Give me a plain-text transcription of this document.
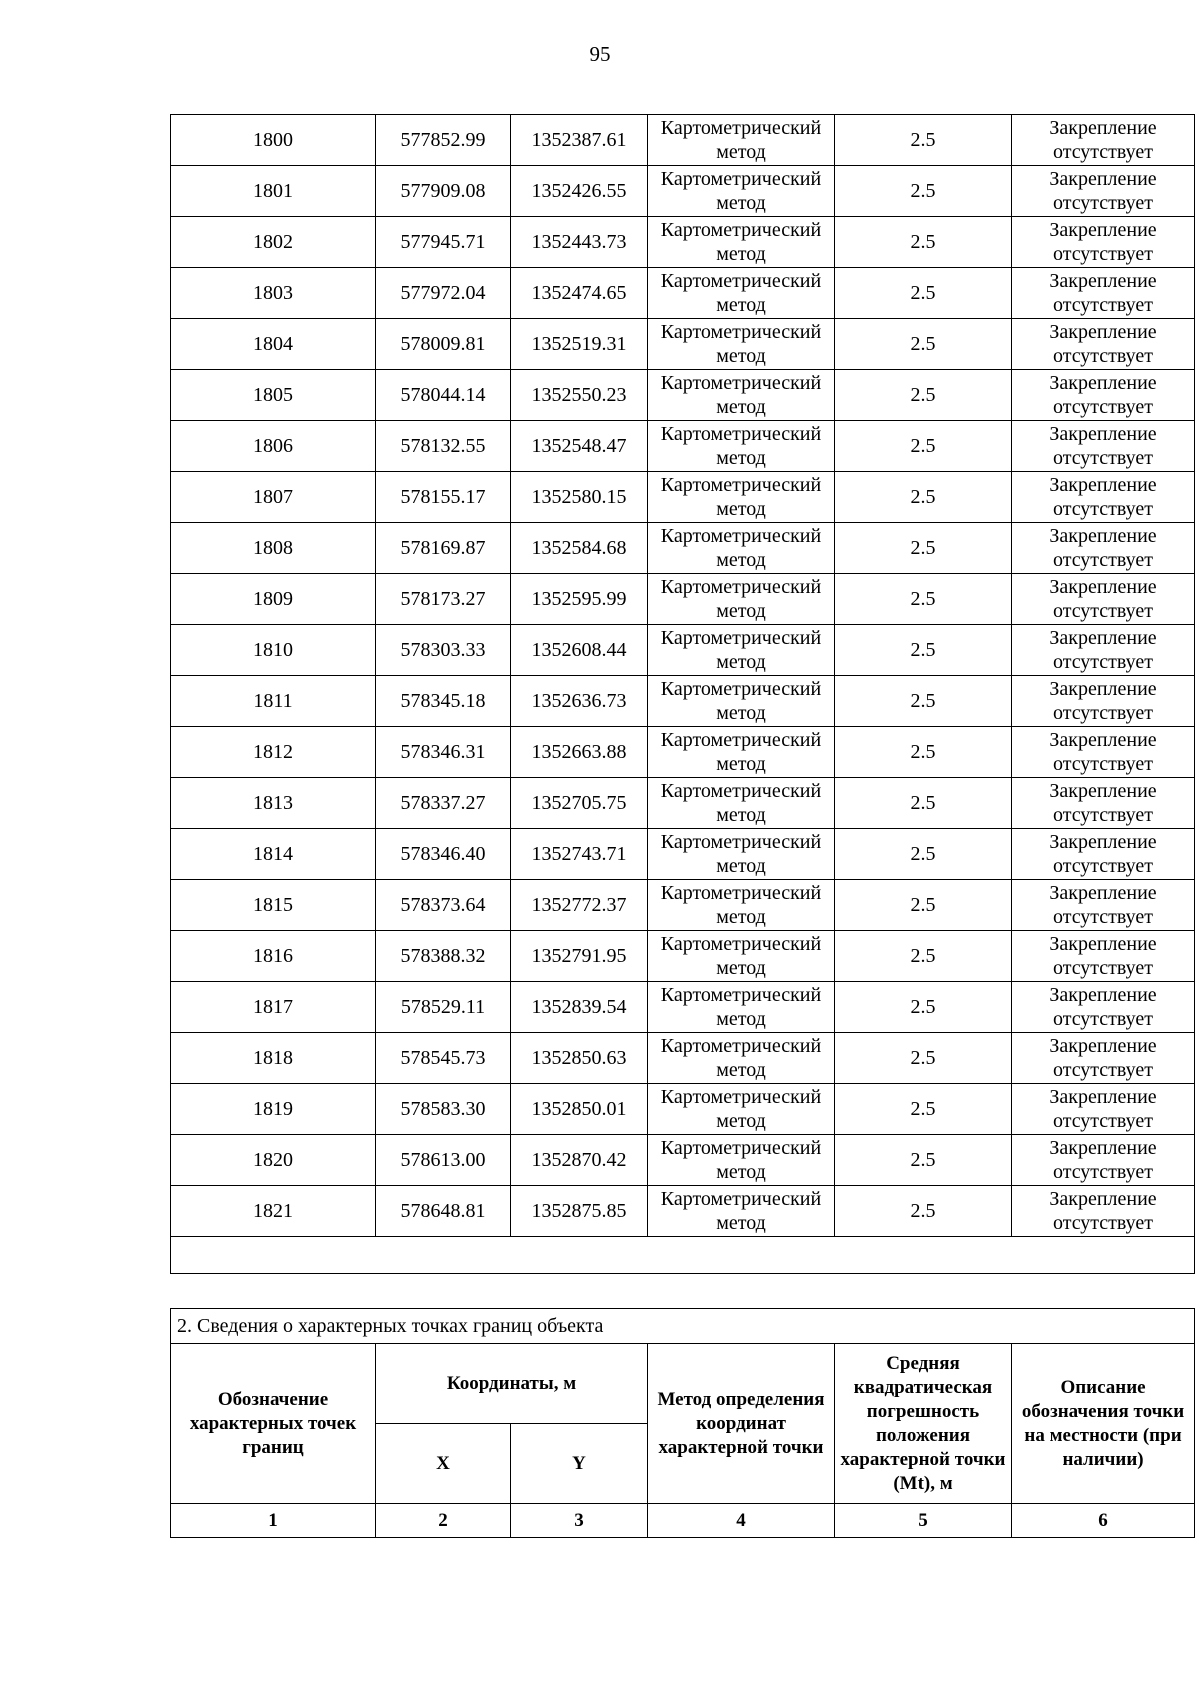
95
1800	577852.99	1352387.61	Картометрический метод	2.5	Закрепление отсутствует
1801	577909.08	1352426.55	Картометрический метод	2.5	Закрепление отсутствует
1802	577945.71	1352443.73	Картометрический метод	2.5	Закрепление отсутствует
1803	577972.04	1352474.65	Картометрический метод	2.5	Закрепление отсутствует
1804	578009.81	1352519.31	Картометрический метод	2.5	Закрепление отсутствует
1805	578044.14	1352550.23	Картометрический метод	2.5	Закрепление отсутствует
1806	578132.55	1352548.47	Картометрический метод	2.5	Закрепление отсутствует
1807	578155.17	1352580.15	Картометрический метод	2.5	Закрепление отсутствует
1808	578169.87	1352584.68	Картометрический метод	2.5	Закрепление отсутствует
1809	578173.27	1352595.99	Картометрический метод	2.5	Закрепление отсутствует
1810	578303.33	1352608.44	Картометрический метод	2.5	Закрепление отсутствует
1811	578345.18	1352636.73	Картометрический метод	2.5	Закрепление отсутствует
1812	578346.31	1352663.88	Картометрический метод	2.5	Закрепление отсутствует
1813	578337.27	1352705.75	Картометрический метод	2.5	Закрепление отсутствует
1814	578346.40	1352743.71	Картометрический метод	2.5	Закрепление отсутствует
1815	578373.64	1352772.37	Картометрический метод	2.5	Закрепление отсутствует
1816	578388.32	1352791.95	Картометрический метод	2.5	Закрепление отсутствует
1817	578529.11	1352839.54	Картометрический метод	2.5	Закрепление отсутствует
1818	578545.73	1352850.63	Картометрический метод	2.5	Закрепление отсутствует
1819	578583.30	1352850.01	Картометрический метод	2.5	Закрепление отсутствует
1820	578613.00	1352870.42	Картометрический метод	2.5	Закрепление отсутствует
1821	578648.81	1352875.85	Картометрический метод	2.5	Закрепление отсутствует

2. Сведения о характерных точках границ объекта					
Обозначение характерных точек границ	Координаты, м		Метод определения координат характерной точки	Средняя квадратическая погрешность положения характерной точки (Mt), м	Описание обозначения точки на местности (при наличии)
	X	Y			
1	2	3	4	5	6
